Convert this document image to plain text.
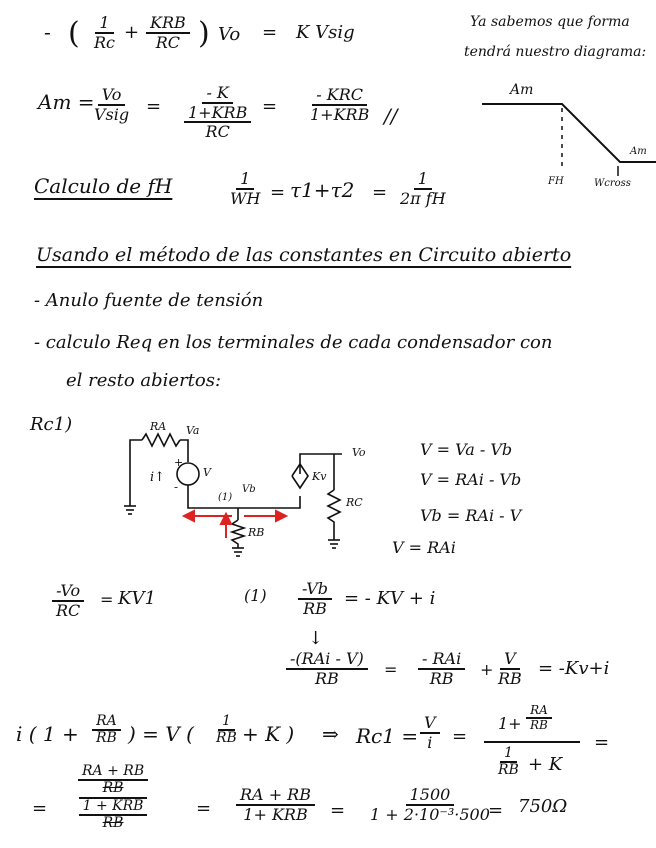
- ( $\frac{1}{Rc}$ + KRB
RC ) Vo = K Vsig	Ya sabemos que forma
tendrá nuestro diagrama:
Am = Vo
Vsig =
- K
1+KRB
RC
=
- KRC
1+KRB //
Am
FH	Wcross
Am
Calculo de fH	$\frac{1}{WH} = \tau 1+\tau 2 = \frac{1}{\text{2π fH}}$
Usando el método de las constantes en Circuito abierto
- Anulo fuente de tensión
- calculo Req en los terminales de cada condensador con
el resto abiertos:
Rc1)	RA Va
+
-
i↑	V
(1)
Vb
Kv
Vo
RC
RB
V = Va - Vb
V = RAi - Vb
Vb = RAi - V
V = RAi
$\frac{-Vo}{RC} = KV1$	$(1) \frac{-Vb}{RB}$ = - KV + i
↓
-(RAi - V)
RB	=
- RAi
RB + $\frac{V}{RB} = -Kv+i$
i ( $1 + \frac{RA}{RB}$ ) = V ( $\frac{1}{RB} + K$ ) ⇒ $Rc1 = \frac{V}{i}$ =
$1+ \frac{RA}{RB}$
$\frac{1}{RB} + K$
=
=
RA + RB
RB
1 + KRB
RB
=
RA + RB
1+ KRB = $\frac{1500}{\text{1 + 2·10⁻³·500}}$
= 750Ω
